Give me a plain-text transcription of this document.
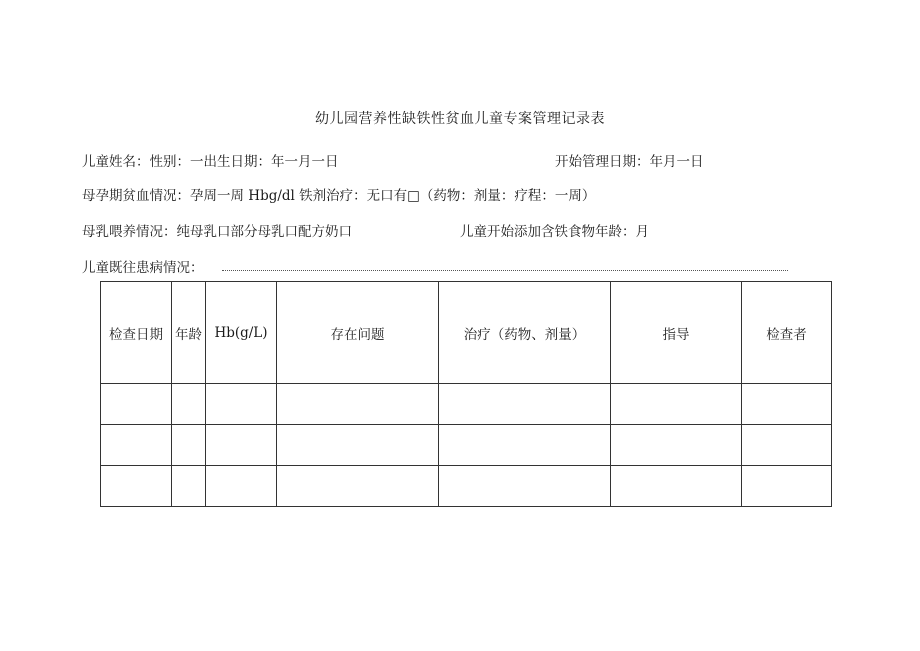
幼儿园营养性缺铁性贫血儿童专案管理记录表
儿童姓名：性别：一出生日期：年一月一日	开始管理日期：年月一日
母孕期贫血情况：孕周一周 Hbg/dl 铁剂治疗：无口有□（药物：剂量：疗程：一周）
母乳喂养情况：纯母乳口部分母乳口配方奶口	儿童开始添加含铁食物年龄：月
儿童既往患病情况：
检查日期	年龄	Hb(g/L)	存在问题	治疗（药物、剂量）	指导	检查者
